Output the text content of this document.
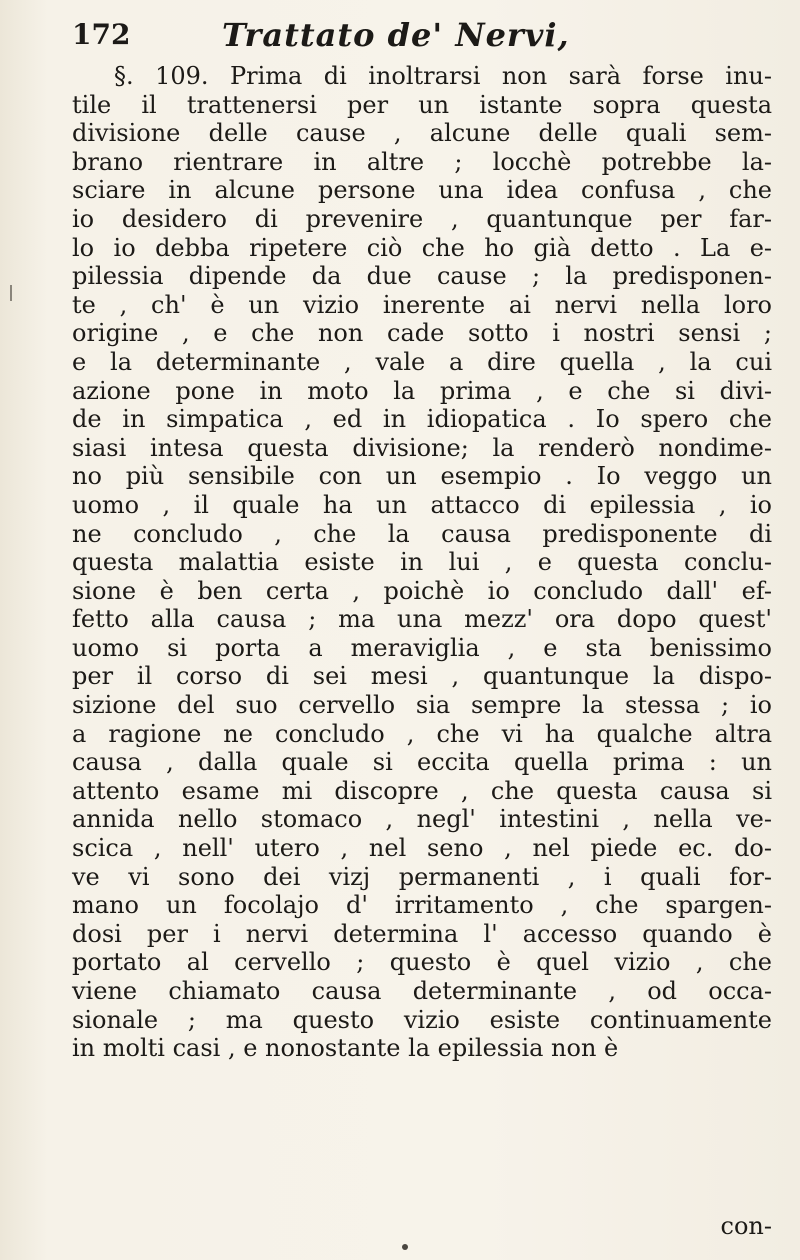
172	Trattato de' Nervi,
§. 109. Prima di inoltrarsi non sarà forse inu-
tile il trattenersi per un istante sopra questa
divisione delle cause , alcune delle quali sem-
brano rientrare in altre ; locchè potrebbe la-
sciare in alcune persone una idea confusa , che
io desidero di prevenire , quantunque per far-
lo io debba ripetere ciò che ho già detto . La e-
pilessia dipende da due cause ; la predisponen-
te , ch' è un vizio inerente ai nervi nella loro
origine , e che non cade sotto i nostri sensi ;
e la determinante , vale a dire quella , la cui
azione pone in moto la prima , e che si divi-
de in simpatica , ed in idiopatica . Io spero che
siasi intesa questa divisione; la renderò nondime-
no più sensibile con un esempio . Io veggo un
uomo , il quale ha un attacco di epilessia , io
ne concludo , che la causa predisponente di
questa malattia esiste in lui , e questa conclu-
sione è ben certa , poichè io concludo dall' ef-
fetto alla causa ; ma una mezz' ora dopo quest'
uomo si porta a meraviglia , e sta benissimo
per il corso di sei mesi , quantunque la dispo-
sizione del suo cervello sia sempre la stessa ; io
a ragione ne concludo , che vi ha qualche altra
causa , dalla quale si eccita quella prima : un
attento esame mi discopre , che questa causa si
annida nello stomaco , negl' intestini , nella ve-
scica , nell' utero , nel seno , nel piede ec. do-
ve vi sono dei vizj permanenti , i quali for-
mano un focolajo d' irritamento , che spargen-
dosi per i nervi determina l' accesso quando è
portato al cervello ; questo è quel vizio , che
viene chiamato causa determinante , od occa-
sionale ; ma questo vizio esiste continuamente
in molti casi , e nonostante la epilessia non è
con-
